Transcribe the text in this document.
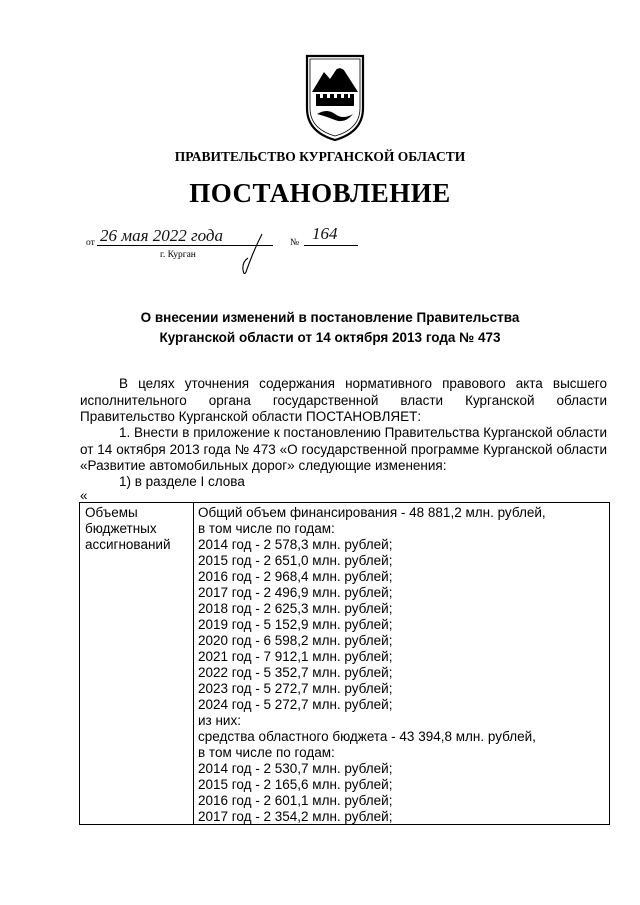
ПРАВИТЕЛЬСТВО КУРГАНСКОЙ ОБЛАСТИ
ПОСТАНОВЛЕНИЕ
от 26 мая 2022 года	№ 164
г. Курган
О внесении изменений в постановление Правительства
Курганской области от 14 октября 2013 года № 473
В целях уточнения содержания нормативного правового акта высшего исполнительного органа государственной власти Курганской области Правительство Курганской области ПОСТАНОВЛЯЕТ:
1. Внести в приложение к постановлению Правительства Курганской области от 14 октября 2013 года № 473 «О государственной программе Курганской области «Развитие автомобильных дорог» следующие изменения:
1) в разделе I слова
«
Объемы
бюджетных
ассигнований
Общий объем финансирования - 48 881,2 млн. рублей,
в том числе по годам:
2014 год - 2 578,3 млн. рублей;
2015 год - 2 651,0 млн. рублей;
2016 год - 2 968,4 млн. рублей;
2017 год - 2 496,9 млн. рублей;
2018 год - 2 625,3 млн. рублей;
2019 год - 5 152,9 млн. рублей;
2020 год - 6 598,2 млн. рублей;
2021 год - 7 912,1 млн. рублей;
2022 год - 5 352,7 млн. рублей;
2023 год - 5 272,7 млн. рублей;
2024 год - 5 272,7 млн. рублей;
из них:
средства областного бюджета - 43 394,8 млн. рублей,
в том числе по годам:
2014 год - 2 530,7 млн. рублей;
2015 год - 2 165,6 млн. рублей;
2016 год - 2 601,1 млн. рублей;
2017 год - 2 354,2 млн. рублей;
